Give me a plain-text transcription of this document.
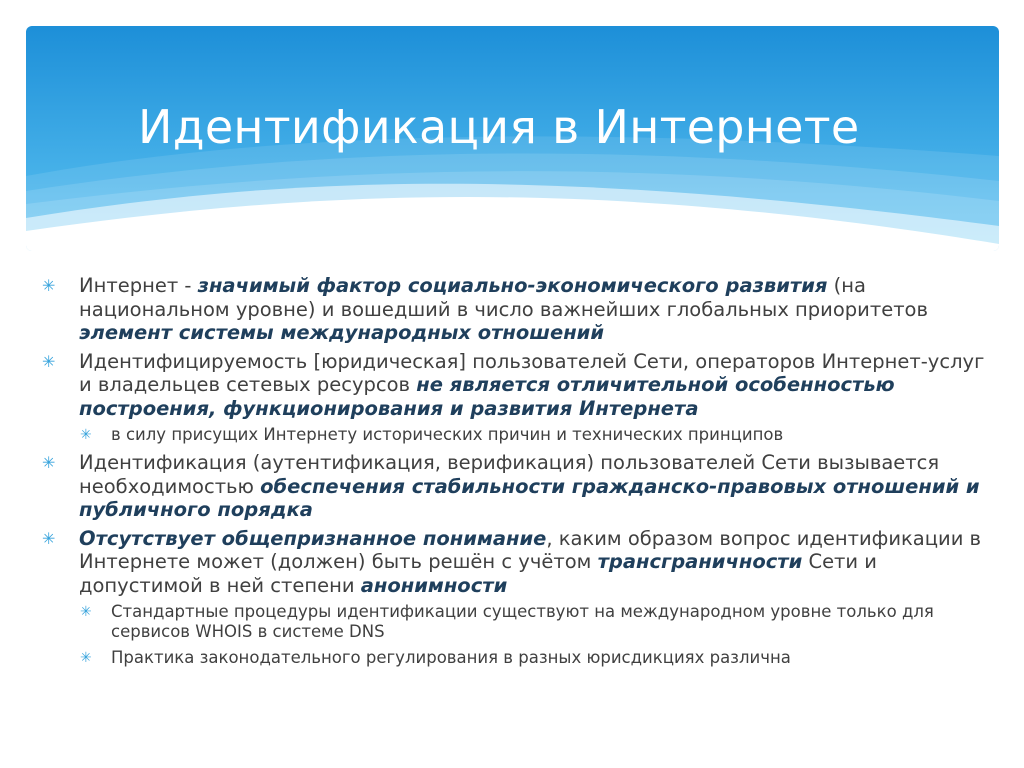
Идентификация в Интернете

✳ Интернет - значимый фактор социально-экономического развития (на национальном уровне) и вошедший в число важнейших глобальных приоритетов элемент системы международных отношений

✳ Идентифицируемость [юридическая] пользователей Сети, операторов Интернет-услуг и владельцев сетевых ресурсов не является отличительной особенностью построения, функционирования и развития Интернета

✳ в силу присущих Интернету исторических причин и технических принципов

✳ Идентификация (аутентификация, верификация) пользователей Сети вызывается необходимостью обеспечения стабильности гражданско-правовых отношений и публичного порядка

✳ Отсутствует общепризнанное понимание, каким образом вопрос идентификации в Интернете может (должен) быть решён с учётом трансграничности Сети и допустимой в ней степени анонимности

✳ Стандартные процедуры идентификации существуют на международном уровне только для сервисов WHOIS в системе DNS

✳ Практика законодательного регулирования в разных юрисдикциях различна
